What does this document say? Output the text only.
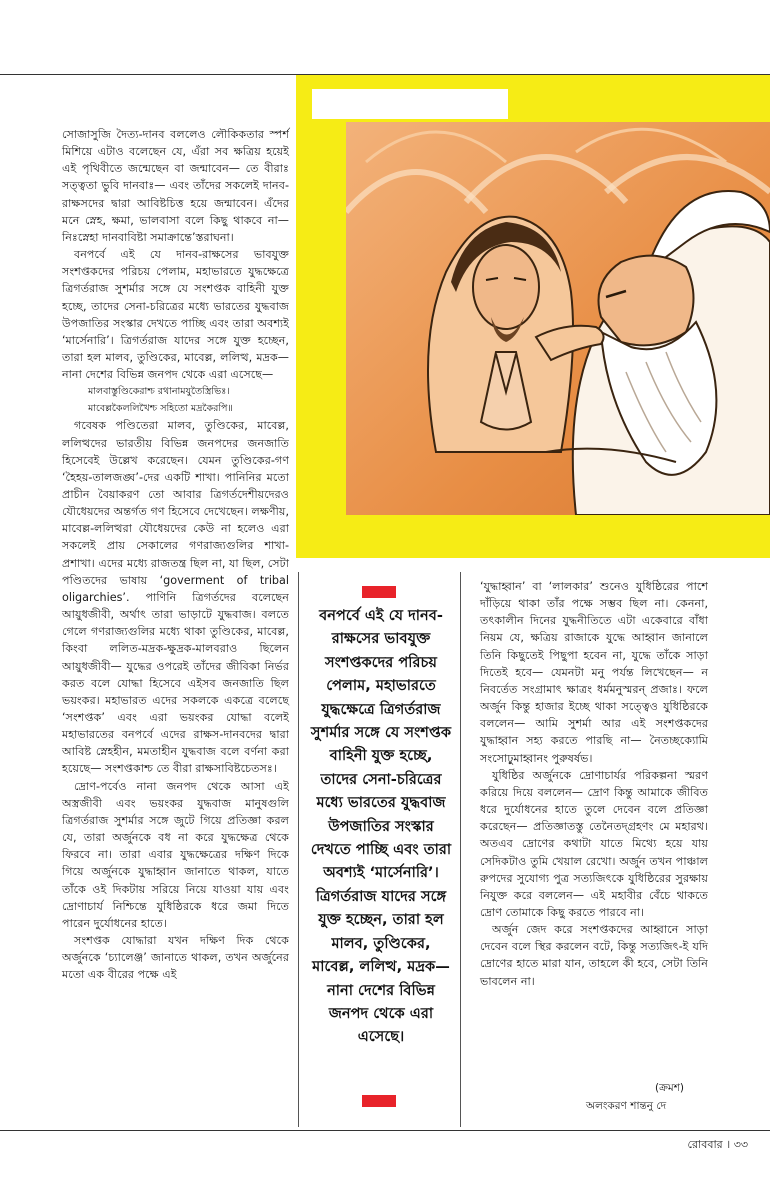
সোজাসুজি দৈত্য-দানব বললেও লৌকিকতার স্পর্শ মিশিয়ে এটাও বলেছেন যে, এঁরা সব ক্ষত্রিয় হয়েই এই পৃথিবীতে জন্মেছেন বা জন্মাবেন— তে বীরাঃ সত্ত্বতা ভুবি দানবাঃ— এবং তাঁদের সকলেই দানব-রাক্ষসদের দ্বারা আবিষ্টচিত্ত হয়ে জন্মাবেন। এঁদের মনে স্নেহ, ক্ষমা, ভালবাসা বলে কিছু থাকবে না— নিঃস্নেহা দানবাবিষ্টা সমাক্রান্তে’স্তরাঘনা।

বনপর্বে এই যে দানব-রাক্ষসের ভাবযুক্ত সংশপ্তকদের পরিচয় পেলাম, মহাভারতে যুদ্ধক্ষেত্রে ত্রিগর্তরাজ সুশর্মার সঙ্গে যে সংশপ্তক বাহিনী যুক্ত হচ্ছে, তাদের সেনা-চরিত্রের মধ্যে ভারতের যুদ্ধবাজ উপজাতির সংস্কার দেখতে পাচ্ছি এবং তারা অবশ্যই ‘মার্সেনারি’। ত্রিগর্তরাজ যাদের সঙ্গে যুক্ত হচ্ছেন, তারা হল মালব, তুণ্ডিকের, মাবেল্ল, ললিত্থ, মদ্রক— নানা দেশের বিভিন্ন জনপদ থেকে এরা এসেছে—

মালবাস্তুণ্ডিকেরাশ্চ রথানামযুতৈস্ত্রিভিঃ।

মাবেল্লকৈললিখৈশ্চ সহিতো মদ্রকৈরপি॥

গবেষক পণ্ডিতেরা মালব, তুণ্ডিকের, মাবেল্ল, ললিত্থদের ভারতীয় বিভিন্ন জনপদের জনজাতি হিসেবেই উল্লেখ করেছেন। যেমন তুণ্ডিকের-গণ ‘হৈহয়-তালজঙ্ঘ’-দের একটি শাখা। পানিনির মতো প্রাচীন বৈয়াকরণ তো আবার ত্রিগর্তদেশীয়দেরও যৌধেয়দের অন্তর্গত গণ হিসেবে দেখেছেন। লক্ষণীয়, মাবেল্ল-ললিত্থরা যৌধেয়দের কেউ না হলেও এরা সকলেই প্রায় সেকালের গণরাজ্যগুলির শাখা-প্রশাখা। এদের মধ্যে রাজতন্ত্র ছিল না, যা ছিল, সেটা পণ্ডিতদের ভাষায় ‘goverment of tribal oligarchies’. পাণিনি ত্রিগর্তদের বলেছেন আয়ুধজীবী, অর্থাৎ তারা ভাড়াটে যুদ্ধবাজ। বলতে গেলে গণরাজ্যগুলির মধ্যে থাকা তুণ্ডিকের, মাবেল্ল, কিংবা ললিত-মদ্রক-ক্ষুদ্রক-মালবরাও ছিলেন আয়ুধজীবী— যুদ্ধের ওপরেই তাঁদের জীবিকা নির্ভর করত বলে যোদ্ধা হিসেবে এইসব জনজাতি ছিল ভয়ংকর। মহাভারত এদের সকলকে একত্রে বলেছে ‘সংশপ্তক’ এবং এরা ভয়ংকর যোদ্ধা বলেই মহাভারতের বনপর্বে এদের রাক্ষস-দানবদের দ্বারা আবিষ্ট স্নেহহীন, মমতাহীন যুদ্ধবাজ বলে বর্ণনা করা হয়েছে— সংশপ্তকাশ্চ তে বীরা রাক্ষসাবিষ্টচেতসঃ।

দ্রোণ-পর্বেও নানা জনপদ থেকে আসা এই অস্ত্রজীবী এবং ভয়ংকর যুদ্ধবাজ মানুষগুলি ত্রিগর্তরাজ সুশর্মার সঙ্গে জুটে গিয়ে প্রতিজ্ঞা করল যে, তারা অর্জুনকে বধ না করে যুদ্ধক্ষেত্র থেকে ফিরবে না। তারা এবার যুদ্ধক্ষেত্রের দক্ষিণ দিকে গিয়ে অর্জুনকে যুদ্ধাহ্বান জানাতে থাকল, যাতে তাঁকে ওই দিকটায় সরিয়ে নিয়ে যাওয়া যায় এবং দ্রোণাচার্য নিশ্চিন্তে যুধিষ্ঠিরকে ধরে জমা দিতে পারেন দুর্যোধনের হাতে।

সংশপ্তক যোদ্ধারা যখন দক্ষিণ দিক থেকে অর্জুনকে ‘চ্যালেঞ্জ’ জানাতে থাকল, তখন অর্জুনের মতো এক বীরের পক্ষে এই

বনপর্বে এই যে দানব-রাক্ষসের ভাবযুক্ত সংশপ্তকদের পরিচয় পেলাম, মহাভারতে যুদ্ধক্ষেত্রে ত্রিগর্তরাজ সুশর্মার সঙ্গে যে সংশপ্তক বাহিনী যুক্ত হচ্ছে, তাদের সেনা-চরিত্রের মধ্যে ভারতের যুদ্ধবাজ উপজাতির সংস্কার দেখতে পাচ্ছি এবং তারা অবশ্যই ‘মার্সেনারি’। ত্রিগর্তরাজ যাদের সঙ্গে যুক্ত হচ্ছেন, তারা হল মালব, তুণ্ডিকের, মাবেল্ল, ললিত্থ, মদ্রক— নানা দেশের বিভিন্ন জনপদ থেকে এরা এসেছে।

‘যুদ্ধাহ্বান’ বা ‘লালকার’ শুনেও যুধিষ্ঠিরের পাশে দাঁড়িয়ে থাকা তাঁর পক্ষে সম্ভব ছিল না। কেননা, তৎকালীন দিনের যুদ্ধনীতিতে এটা একেবারে বাঁধা নিয়ম যে, ক্ষত্রিয় রাজাকে যুদ্ধে আহ্বান জানালে তিনি কিছুতেই পিছুপা হবেন না, যুদ্ধে তাঁকে সাড়া দিতেই হবে— যেমনটা মনু পর্যন্ত লিখেছেন— ন নিবর্তেত সংগ্রামাৎ ক্ষাত্রং ধর্মমনুস্মরন্‌ প্রজাঃ। ফলে অর্জুন কিন্তু হাজার ইচ্ছে থাকা সত্ত্বেও যুধিষ্ঠিরকে বললেন— আমি সুশর্মা আর এই সংশপ্তকদের যুদ্ধাহ্বান সহ্য করতে পারছি না— নৈতচ্ছক্যোমি সংসোঢ়ুমাহ্বানং পুরুষর্ষভ।

যুধিষ্ঠির অর্জুনকে দ্রোণাচার্যর পরিকল্পনা স্মরণ করিয়ে দিয়ে বললেন— দ্রোণ কিন্তু আমাকে জীবিত ধরে দুর্যোধনের হাতে তুলে দেবেন বলে প্রতিজ্ঞা করেছেন— প্রতিজ্ঞাতস্তু তেনৈতদ্‌গ্রহণং মে মহারথ। অতএব দ্রোণের কথাটা যাতে মিথ্যে হয়ে যায় সেদিকটাও তুমি খেয়াল রেখো। অর্জুন তখন পাঞ্চাল রুপদের সুযোগ্য পুত্র সত্যজিৎকে যুধিষ্ঠিরের সুরক্ষায় নিযুক্ত করে বললেন— এই মহাবীর বেঁচে থাকতে দ্রোণ তোমাকে কিছু করতে পারবে না।

অর্জুন জেদ করে সংশপ্তকদের আহ্বানে সাড়া দেবেন বলে স্থির করলেন বটে, কিন্তু সত্যজিৎ-ই যদি দ্রোণের হাতে মারা যান, তাহলে কী হবে, সেটা তিনি ভাবলেন না।

(ক্রমশ)
অলংকরণ শান্তনু দে
রোববার । ৩৩
